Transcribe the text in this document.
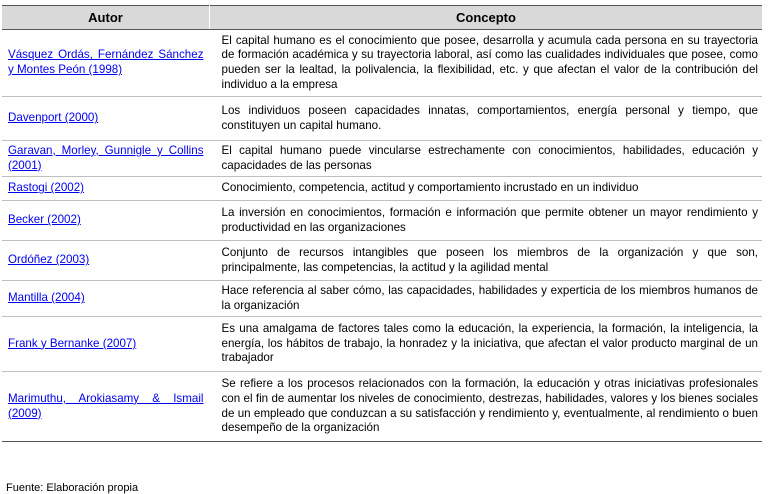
Autor	Concepto
Vásquez Ordás, Fernández Sánchez y Montes Peón (1998)	El capital humano es el conocimiento que posee, desarrolla y acumula cada persona en su trayectoria de formación académica y su trayectoria laboral, así como las cualidades individuales que posee, como pueden ser la lealtad, la polivalencia, la flexibilidad, etc. y que afectan el valor de la contribución del individuo a la empresa
Davenport (2000)	Los individuos poseen capacidades innatas, comportamientos, energía personal y tiempo, que constituyen un capital humano.
Garavan, Morley, Gunnigle y Collins (2001)	El capital humano puede vincularse estrechamente con conocimientos, habilidades, educación y capacidades de las personas
Rastogi (2002)	Conocimiento, competencia, actitud y comportamiento incrustado en un individuo
Becker (2002)	La inversión en conocimientos, formación e información que permite obtener un mayor rendimiento y productividad en las organizaciones
Ordóñez (2003)	Conjunto de recursos intangibles que poseen los miembros de la organización y que son, principalmente, las competencias, la actitud y la agilidad mental
Mantilla (2004)	Hace referencia al saber cómo, las capacidades, habilidades y experticia de los miembros humanos de la organización
Frank y Bernanke (2007)	Es una amalgama de factores tales como la educación, la experiencia, la formación, la inteligencia, la energía, los hábitos de trabajo, la honradez y la iniciativa, que afectan el valor producto marginal de un trabajador
Marimuthu, Arokiasamy & Ismail (2009)	Se refiere a los procesos relacionados con la formación, la educación y otras iniciativas profesionales con el fin de aumentar los niveles de conocimiento, destrezas, habilidades, valores y los bienes sociales de un empleado que conduzcan a su satisfacción y rendimiento y, eventualmente, al rendimiento o buen desempeño de la organización
Fuente: Elaboración propia
